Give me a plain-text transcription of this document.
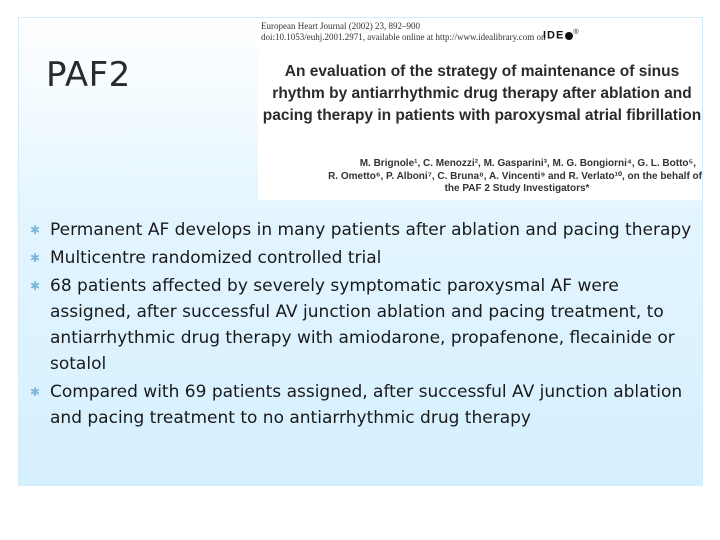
PAF2
European Heart Journal (2002) 23, 892–900
doi:10.1053/euhj.2001.2971, available online at http://www.idealibrary.com on
IDE ®
An evaluation of the strategy of maintenance of sinus rhythm by antiarrhythmic drug therapy after ablation and pacing therapy in patients with paroxysmal atrial fibrillation
M. Brignole¹, C. Menozzi², M. Gasparini³, M. G. Bongiorni⁴, G. L. Botto⁵,
R. Ometto⁶, P. Alboni⁷, C. Bruna⁸, A. Vincenti⁹ and R. Verlato¹⁰, on the behalf of
the PAF 2 Study Investigators*
✱ Permanent AF develops in many patients after ablation and pacing therapy
✱ Multicentre randomized controlled trial
✱ 68 patients affected by severely symptomatic paroxysmal AF were assigned, after successful AV junction ablation and pacing treatment, to antiarrhythmic drug therapy with amiodarone, propafenone, flecainide or sotalol
✱ Compared with 69 patients assigned, after successful AV junction ablation and pacing treatment to no antiarrhythmic drug therapy
